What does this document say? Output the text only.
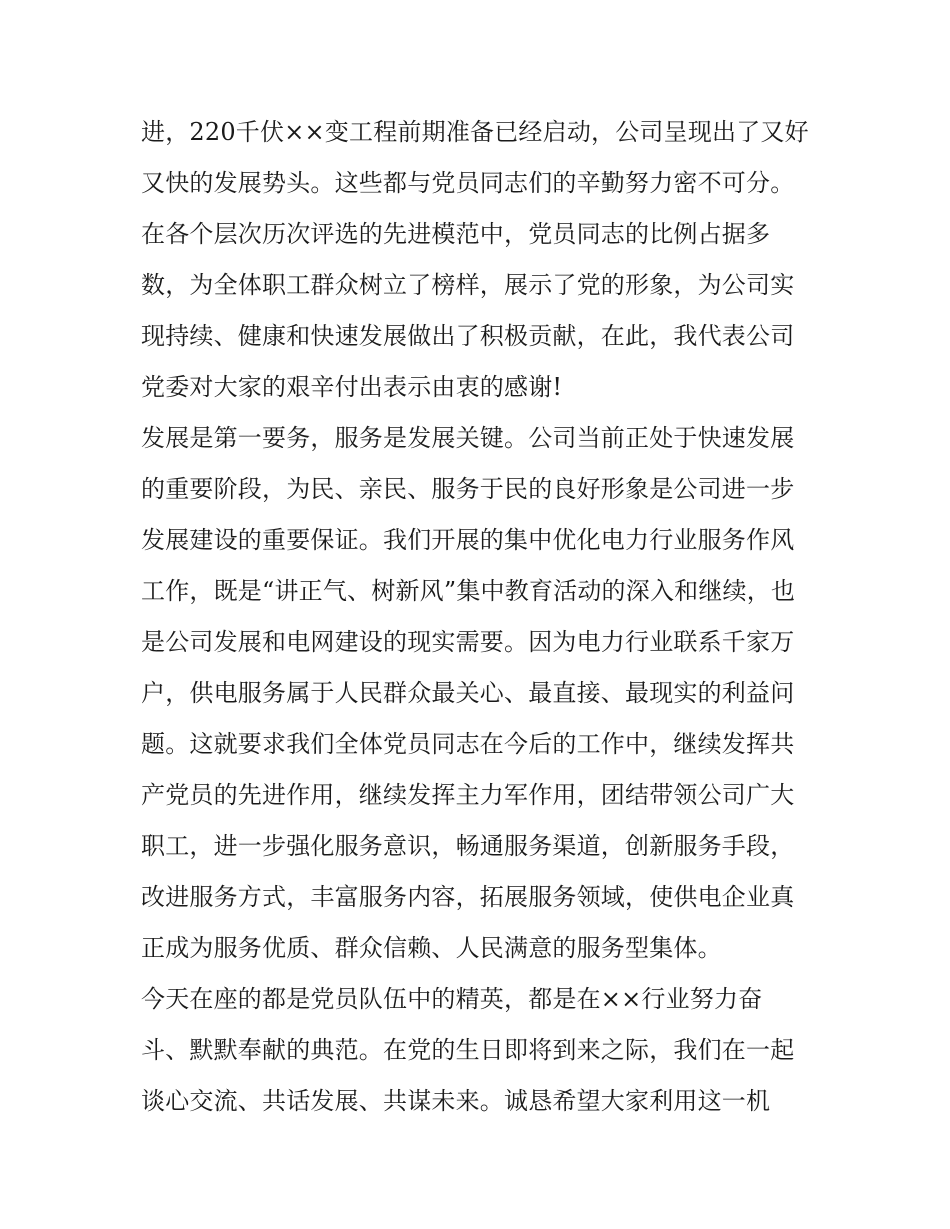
进，220千伏××变工程前期准备已经启动，公司呈现出了又好
又快的发展势头。这些都与党员同志们的辛勤努力密不可分。
在各个层次历次评选的先进模范中，党员同志的比例占据多
数，为全体职工群众树立了榜样，展示了党的形象，为公司实
现持续、健康和快速发展做出了积极贡献，在此，我代表公司
党委对大家的艰辛付出表示由衷的感谢!
发展是第一要务，服务是发展关键。公司当前正处于快速发展
的重要阶段，为民、亲民、服务于民的良好形象是公司进一步
发展建设的重要保证。我们开展的集中优化电力行业服务作风
工作，既是“讲正气、树新风”集中教育活动的深入和继续，也
是公司发展和电网建设的现实需要。因为电力行业联系千家万
户，供电服务属于人民群众最关心、最直接、最现实的利益问
题。这就要求我们全体党员同志在今后的工作中，继续发挥共
产党员的先进作用，继续发挥主力军作用，团结带领公司广大
职工，进一步强化服务意识，畅通服务渠道，创新服务手段，
改进服务方式，丰富服务内容，拓展服务领域，使供电企业真
正成为服务优质、群众信赖、人民满意的服务型集体。
今天在座的都是党员队伍中的精英，都是在××行业努力奋
斗、默默奉献的典范。在党的生日即将到来之际，我们在一起
谈心交流、共话发展、共谋未来。诚恳希望大家利用这一机
